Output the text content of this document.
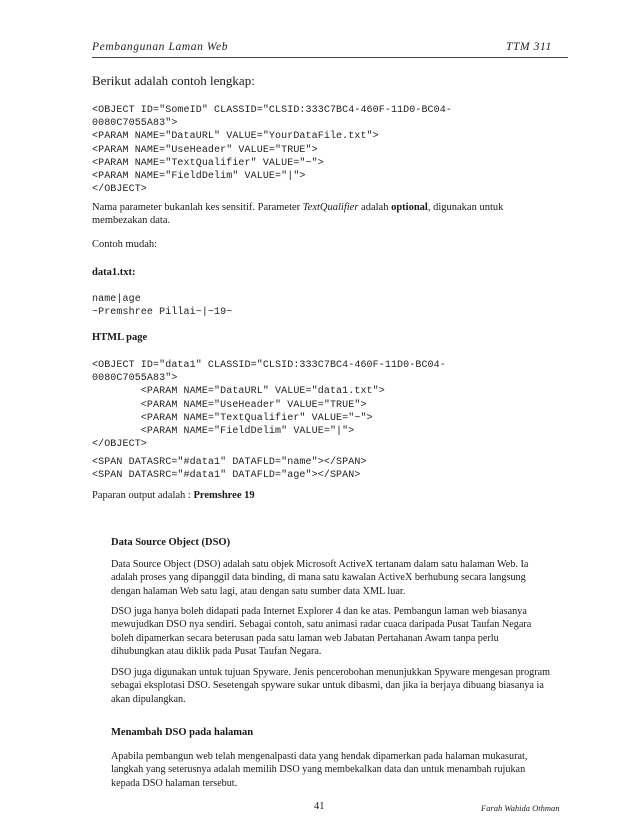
Pembangunan Laman Web	TTM 311
Berikut adalah contoh lengkap:
<OBJECT ID="SomeID" CLASSID="CLSID:333C7BC4-460F-11D0-BC04-
0080C7055A83">
<PARAM NAME="DataURL" VALUE="YourDataFile.txt">
<PARAM NAME="UseHeader" VALUE="TRUE">
<PARAM NAME="TextQualifier" VALUE="~">
<PARAM NAME="FieldDelim" VALUE="|">
</OBJECT>
Nama parameter bukanlah kes sensitif. Parameter TextQualifier adalah optional, digunakan untuk
membezakan data.
Contoh mudah:
data1.txt:
name|age
~Premshree Pillai~|~19~
HTML page
<OBJECT ID="data1" CLASSID="CLSID:333C7BC4-460F-11D0-BC04-
0080C7055A83">
<PARAM NAME="DataURL" VALUE="data1.txt">
<PARAM NAME="UseHeader" VALUE="TRUE">
<PARAM NAME="TextQualifier" VALUE="~">
<PARAM NAME="FieldDelim" VALUE="|">
</OBJECT>
<SPAN DATASRC="#data1" DATAFLD="name"></SPAN>
<SPAN DATASRC="#data1" DATAFLD="age"></SPAN>
Paparan output adalah : Premshree 19
Data Source Object (DSO)

Data Source Object (DSO) adalah satu objek Microsoft ActiveX tertanam dalam satu halaman Web. Ia adalah proses yang dipanggil data binding, di mana satu kawalan ActiveX berhubung secara langsung dengan halaman Web satu lagi, atau dengan satu sumber data XML luar.

DSO juga hanya boleh didapati pada Internet Explorer 4 dan ke atas. Pembangun laman web biasanya mewujudkan DSO nya sendiri. Sebagai contoh, satu animasi radar cuaca daripada Pusat Taufan Negara boleh dipamerkan secara beterusan pada satu laman web Jabatan Pertahanan Awam tanpa perlu dihubungkan atau diklik pada Pusat Taufan Negara.

DSO juga digunakan untuk tujuan Spyware. Jenis pencerobohan menunjukkan Spyware mengesan program sebagai eksplotasi DSO. Sesetengah spyware sukar untuk dibasmi, dan jika ia berjaya dibuang biasanya ia akan dipulangkan.

Menambah DSO pada halaman

Apabila pembangun web telah mengenalpasti data yang hendak dipamerkan pada halaman mukasurat, langkah yang seterusnya adalah memilih DSO yang membekalkan data dan untuk menambah rujukan kepada DSO halaman tersebut.

41	Farah Wahida Othman
